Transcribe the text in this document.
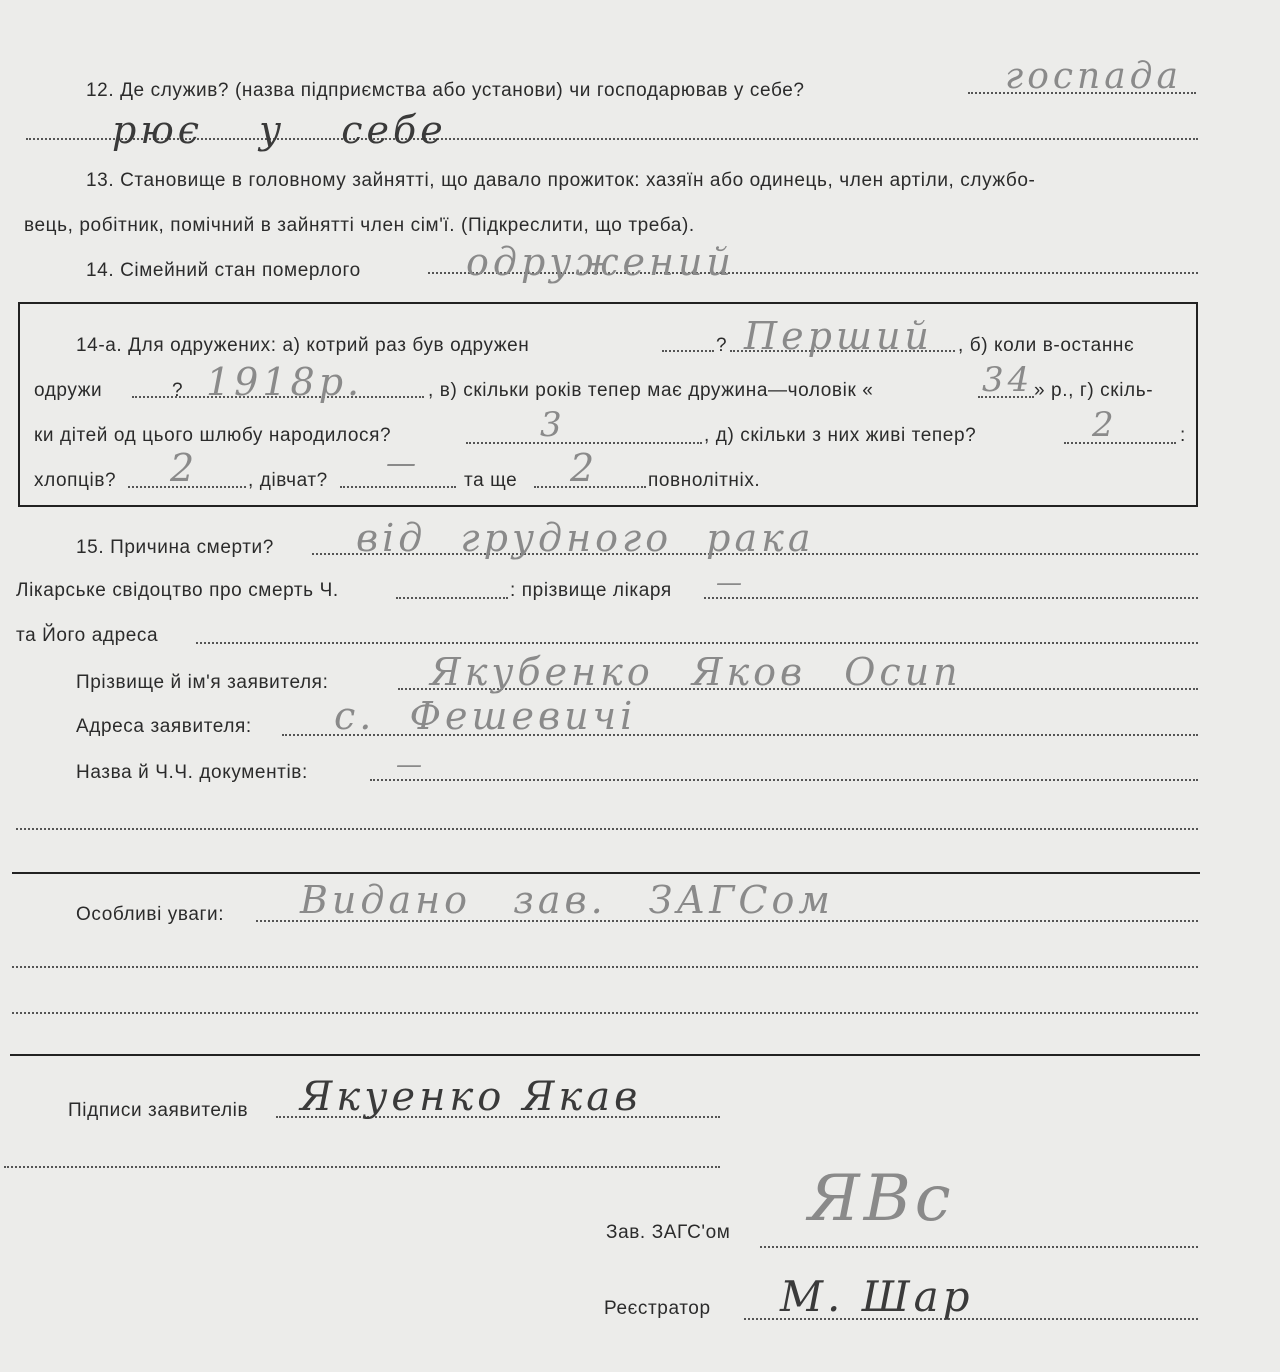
12. Де служив? (назва підприємства або установи) чи господарював у себе?	госпада
рює у себе
13. Становище в головному зайнятті, що давало прожиток: хазяїн або одинець, член артіли, службо-
вець, робітник, помічний в зайнятті член сім'ї. (Підкреслити, що треба).
14. Сімейний стан померлого	одружений
14-а. Для одружених: а) котрий раз був одружен	? Перший , б) коли в-останнє
одружи	? 1918р.	, в) скільки років тепер має дружина—чоловік «	34 » р., г) скіль-
ки дітей од цього шлюбу народилося?	3	, д) скільки з них живі тепер?	2	:
хлопців? 2	, дівчат? — та ще 2	повнолітніх.
15. Причина смерти? від грудного рака
Лікарське свідоцтво про смерть Ч.	: прізвище лікаря —
та Його адреса
Прізвище й ім'я заявителя:	Якубенко Яков Осип
Адреса заявителя: с. Фешевичі
Назва й Ч.Ч. документів:	—
Особливі уваги: Видано зав. ЗАГСом
Підписи заявителів Якуенко Якав
Зав. ЗАГС'ом ЯВс
Реєстратор М. Шар
